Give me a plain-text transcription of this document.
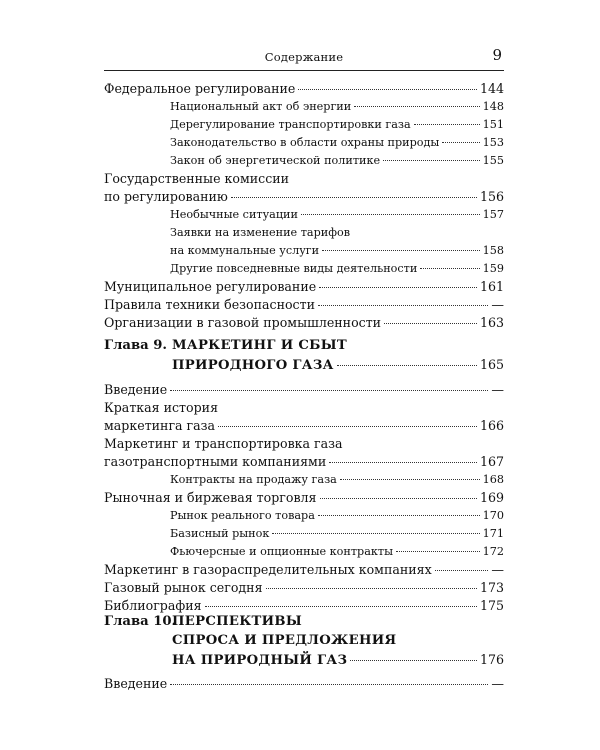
Содержание	9
Федеральное регулирование	144
Национальный акт об энергии	148
Дерегулирование транспортировки газа	151
Законодательство в области охраны природы	153
Закон об энергетической политике	155
Государственные комиссии
по регулированию	156
Необычные ситуации	157
Заявки на изменение тарифов
на коммунальные услуги	158
Другие повседневные виды деятельности	159
Муниципальное регулирование	161
Правила техники безопасности	—
Организации в газовой промышленности	163
Глава 9. МАРКЕТИНГ И СБЫТ
ПРИРОДНОГО ГАЗА	165
Введение	—
Краткая история
маркетинга газа	166
Маркетинг и транспортировка газа
газотранспортными компаниями	167
Контракты на продажу газа	168
Рыночная и биржевая торговля	169
Рынок реального товара	170
Базисный рынок	171
Фьючерсные и опционные контракты	172
Маркетинг в газораспределительных компаниях	—
Газовый рынок сегодня	173
Библиография	175
Глава 10.
ПЕРСПЕКТИВЫ
СПРОСА И ПРЕДЛОЖЕНИЯ
НА ПРИРОДНЫЙ ГАЗ	176
Введение	—
